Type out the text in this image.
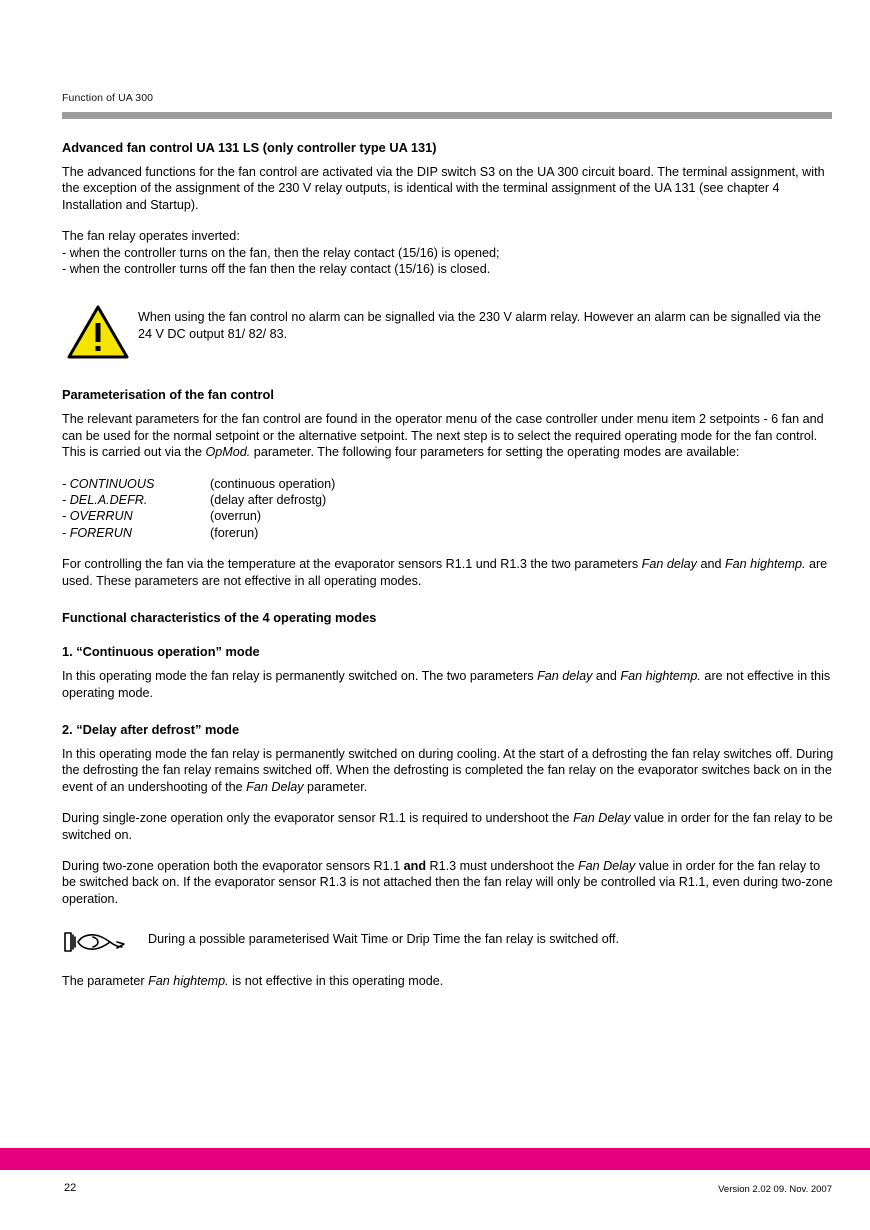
Function of UA 300
Advanced fan control UA 131 LS (only controller type UA 131)

The advanced functions for the fan control are activated via the DIP switch S3 on the UA 300 circuit board. The terminal assignment, with the exception of the assignment of the 230 V relay outputs, is identical with the terminal assignment of the UA 131 (see chapter 4 Installation and Startup).

The fan relay operates inverted:
- when the controller turns on the fan, then the relay contact (15/16) is opened;
- when the controller turns off the fan then the relay contact (15/16) is closed.
When using the fan control no alarm can be signalled via the 230 V alarm relay. However an alarm can be signalled via the 24 V DC output 81/ 82/ 83.
Parameterisation of the fan control

The relevant parameters for the fan control are found in the operator menu of the case controller under menu item 2 setpoints - 6 fan and can be used for the normal setpoint or the alternative setpoint. The next step is to select the required operating mode for the fan control. This is carried out via the OpMod. parameter. The following four parameters for setting the operating modes are available:

- CONTINUOUS	(continuous operation)
- DEL.A.DEFR.	(delay after defrostg)
- OVERRUN	(overrun)
- FORERUN	(forerun)

For controlling the fan via the temperature at the evaporator sensors R1.1 und R1.3 the two parameters Fan delay and Fan hightemp. are used. These parameters are not effective in all operating modes.

Functional characteristics of the 4 operating modes
1. “Continuous operation” mode

In this operating mode the fan relay is permanently switched on. The two parameters Fan delay and Fan hightemp. are not effective in this operating mode.

2. “Delay after defrost” mode

In this operating mode the fan relay is permanently switched on during cooling. At the start of a defrosting the fan relay switches off. During the defrosting the fan relay remains switched off. When the defrosting is completed the fan relay on the evaporator switches back on in the event of an undershooting of the Fan Delay parameter.

During single-zone operation only the evaporator sensor R1.1 is required to undershoot the Fan Delay value in order for the fan relay to be switched on.

During two-zone operation both the evaporator sensors R1.1 and R1.3 must undershoot the Fan Delay value in order for the fan relay to be switched back on. If the evaporator sensor R1.3 is not attached then the fan relay will only be controlled via R1.1, even during two-zone operation.

During a possible parameterised Wait Time or Drip Time the fan relay is switched off.

The parameter Fan hightemp. is not effective in this operating mode.

22	Version 2.02 09. Nov. 2007
